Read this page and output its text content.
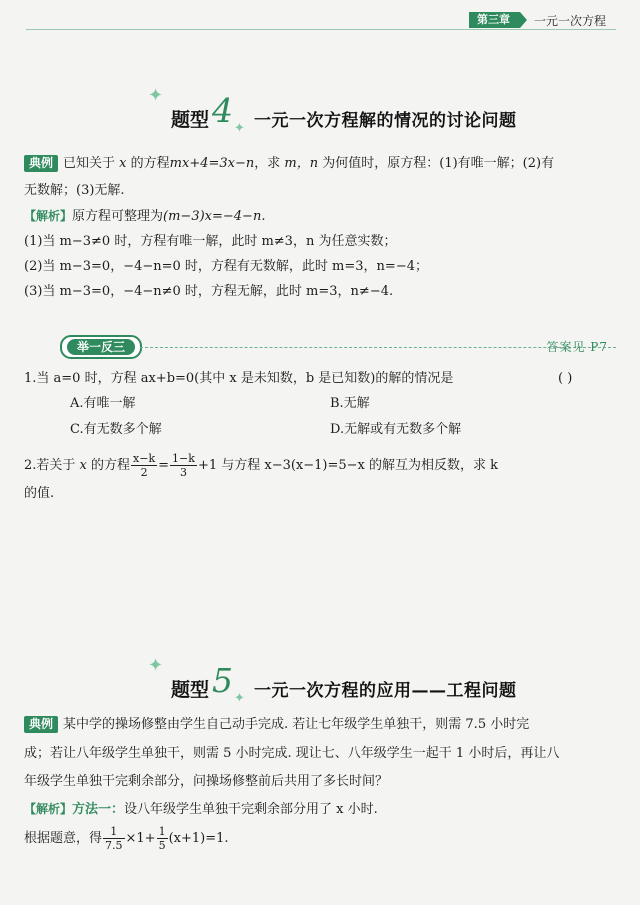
第三章	一元一次方程
✦
✦
题型 4 一元一次方程解的情况的讨论问题
典例 已知关于 x 的方程mx+4=3x−n，求 m，n 为何值时，原方程：(1)有唯一解；(2)有
无数解；(3)无解.
【解析】原方程可整理为(m−3)x=−4−n.
(1)当 m−3≠0 时，方程有唯一解，此时 m≠3，n 为任意实数；
(2)当 m−3=0，−4−n=0 时，方程有无数解，此时 m=3，n=−4；
(3)当 m−3=0，−4−n≠0 时，方程无解，此时 m=3，n≠−4.
举一反三	答案见 P7
1.当 a=0 时，方程 ax+b=0(其中 x 是未知数，b 是已知数)的解的情况是	( )
A.有唯一解	B.无解
C.有无数多个解	D.无解或有无数多个解
2.若关于 x 的方程 $\frac{x-k}{2} = \frac{1-k}{3} +1$ 与方程 x−3(x−1)=5−x 的解互为相反数，求 k
的值.
✦
✦
题型 5 一元一次方程的应用——工程问题
典例 某中学的操场修整由学生自己动手完成. 若让七年级学生单独干，则需 7.5 小时完
成；若让八年级学生单独干，则需 5 小时完成. 现让七、八年级学生一起干 1 小时后，再让八
年级学生单独干完剩余部分，问操场修整前后共用了多长时间？
【解析】方法一：设八年级学生单独干完剩余部分用了 x 小时.
根据题意，得 $\frac{1}{7.5} \times 1+ \frac{1}{5} (x+1)=1$.
